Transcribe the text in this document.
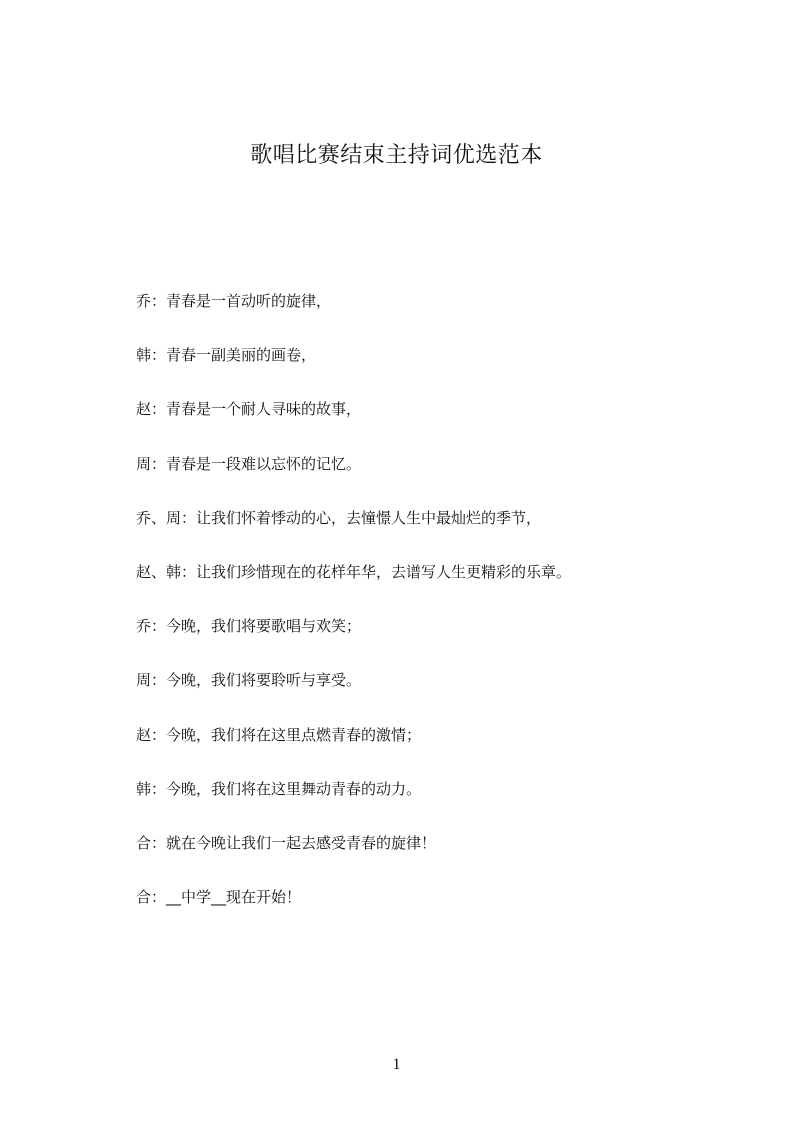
歌唱比赛结束主持词优选范本
乔：青春是一首动听的旋律，
韩：青春一副美丽的画卷，
赵：青春是一个耐人寻味的故事，
周：青春是一段难以忘怀的记忆。
乔、周：让我们怀着悸动的心，去憧憬人生中最灿烂的季节，
赵、韩：让我们珍惜现在的花样年华，去谱写人生更精彩的乐章。
乔：今晚，我们将要歌唱与欢笑；
周：今晚，我们将要聆听与享受。
赵：今晚，我们将在这里点燃青春的激情；
韩：今晚，我们将在这里舞动青春的动力。
合：就在今晚让我们一起去感受青春的旋律！
合：__中学__现在开始！
1
